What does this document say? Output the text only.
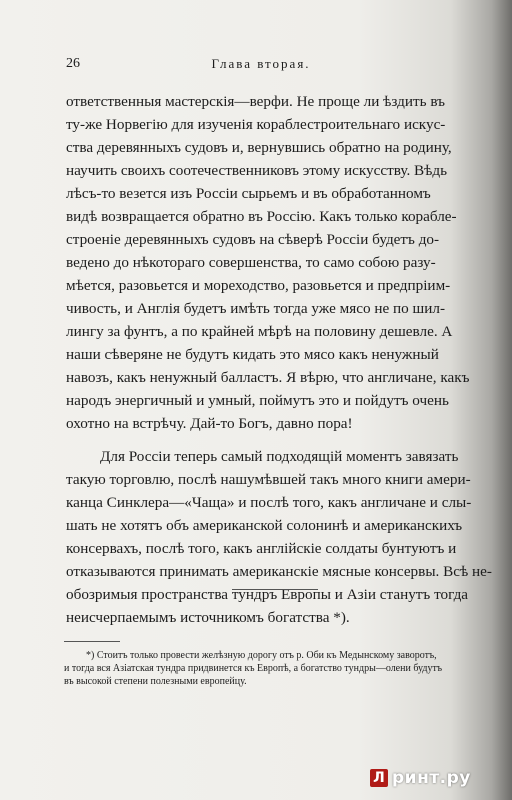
26	Глава вторая.
ответственныя мастерскія—верфи. Не проще ли ѣздить въ
ту-же Норвегію для изученія кораблестроительнаго искус-
ства деревянныхъ судовъ и, вернувшись обратно на родину,
научить своихъ соотечественниковъ этому искусству. Вѣдь
лѣсъ-то везется изъ Россіи сырьемъ и въ обработанномъ
видѣ возвращается обратно въ Россію. Какъ только корабле-
строеніе деревянныхъ судовъ на сѣверѣ Россіи будетъ до-
ведено до нѣкотораго совершенства, то само собою разу-
мѣется, разовьется и мореходство, разовьется и предпріим-
чивость, и Англія будетъ имѣть тогда уже мясо не по шил-
лингу за фунтъ, а по крайней мѣрѣ на половину дешевле. А
наши сѣверяне не будутъ кидать это мясо какъ ненужный
навозъ, какъ ненужный балластъ. Я вѣрю, что англичане, какъ
народъ энергичный и умный, поймутъ это и пойдутъ очень
охотно на встрѣчу. Дай-то Богъ, давно пора!
Для Россіи теперь самый подходящій моментъ завязать
такую торговлю, послѣ нашумѣвшей такъ много книги амери-
канца Синклера—«Чаща» и послѣ того, какъ англичане и слы-
шать не хотятъ объ американской солонинѣ и американскихъ
консервахъ, послѣ того, какъ англійскіе солдаты бунтуютъ и
отказываются принимать американскіе мясные консервы. Всѣ не-
обозримыя пространства тундръ Европы и Азіи станутъ тогда
неисчерпаемымъ источникомъ богатства *).
*) Стоитъ только провести желѣзную дорогу отъ р. Оби къ Медынскому заворотъ,
и тогда вся Азіатская тундра придвинется къ Европѣ, а богатство тундры—олени будутъ
въ высокой степени полезными европейцу.
Л ринт.ру
